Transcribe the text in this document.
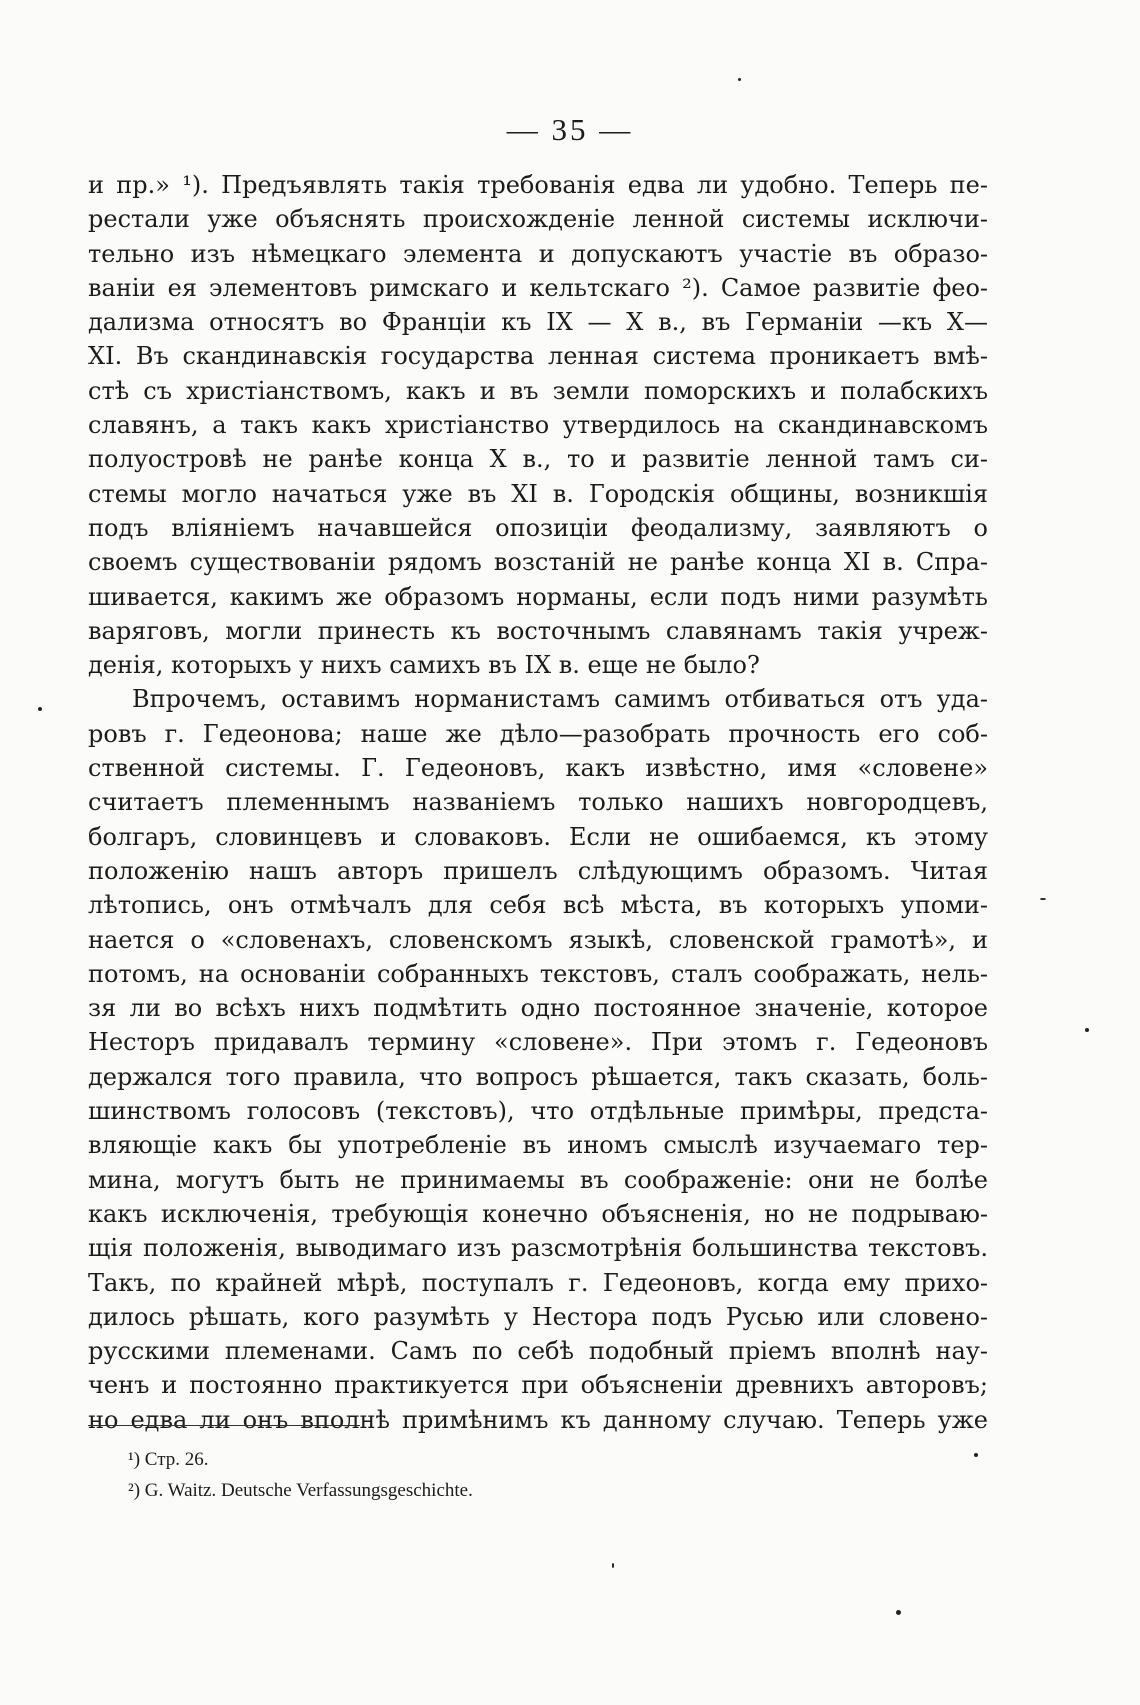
— 35 —
и пр.» ¹). Предъявлять такія требованія едва ли удобно. Теперь пе-
рестали уже объяснять происхожденіе ленной системы исключи-
тельно изъ нѣмецкаго элемента и допускаютъ участіе въ образо-
ваніи ея элементовъ римскаго и кельтскаго ²). Самое развитіе феo-
дализма относятъ во Франціи къ IX — X в., въ Германіи —къ X—
XI. Въ скандинавскія государства ленная система проникаетъ вмѣ-
стѣ съ христіанствомъ, какъ и въ земли поморскихъ и полабскихъ
славянъ, а такъ какъ христіанство утвердилось на скандинавскомъ
полуостровѣ не ранѣе конца X в., то и развитіе ленной тамъ си-
стемы могло начаться уже въ XI в. Городскія общины, возникшія
подъ вліяніемъ начавшейся опозиціи феодализму, заявляютъ о
своемъ существованіи рядомъ возстаній не ранѣе конца XI в. Спра-
шивается, какимъ же образомъ норманы, если подъ ними разумѣть
варяговъ, могли принесть къ восточнымъ славянамъ такія учреж-
денія, которыхъ у нихъ самихъ въ IX в. еще не было?
Впрочемъ, оставимъ норманистамъ самимъ отбиваться отъ уда-
ровъ г. Гедеонова; наше же дѣло—разобрать прочность его соб-
ственной системы. Г. Гедеоновъ, какъ извѣстно, имя «словене»
считаетъ племеннымъ названіемъ только нашихъ новгородцевъ,
болгаръ, словинцевъ и словаковъ. Если не ошибаемся, къ этому
положенію нашъ авторъ пришелъ слѣдующимъ образомъ. Читая
лѣтопись, онъ отмѣчалъ для себя всѣ мѣста, въ которыхъ упоми-
нается о «словенахъ, словенскомъ языкѣ, словенской грамотѣ», и
потомъ, на основаніи собранныхъ текстовъ, сталъ соображать, нель-
зя ли во всѣхъ нихъ подмѣтить одно постоянное значеніе, которое
Несторъ придавалъ термину «словене». При этомъ г. Гедеоновъ
держался того правила, что вопросъ рѣшается, такъ сказать, боль-
шинствомъ голосовъ (текстовъ), что отдѣльные примѣры, предста-
вляющіе какъ бы употребленіе въ иномъ смыслѣ изучаемаго тер-
мина, могутъ быть не принимаемы въ соображеніе: они не болѣе
какъ исключенія, требующія конечно объясненія, но не подрываю-
щія положенія, выводимаго изъ разсмотрѣнія большинства текстовъ.
Такъ, по крайней мѣрѣ, поступалъ г. Гедеоновъ, когда ему прихо-
дилось рѣшать, кого разумѣть у Нестора подъ Русью или словено-
русскими племенами. Самъ по себѣ подобный пріемъ вполнѣ нау-
ченъ и постоянно практикуется при объясненіи древнихъ авторовъ;
но едва ли онъ вполнѣ примѣнимъ къ данному случаю. Теперь уже
¹) Стр. 26.
²) G. Waitz. Deutsche Verfassungsgeschichte.
